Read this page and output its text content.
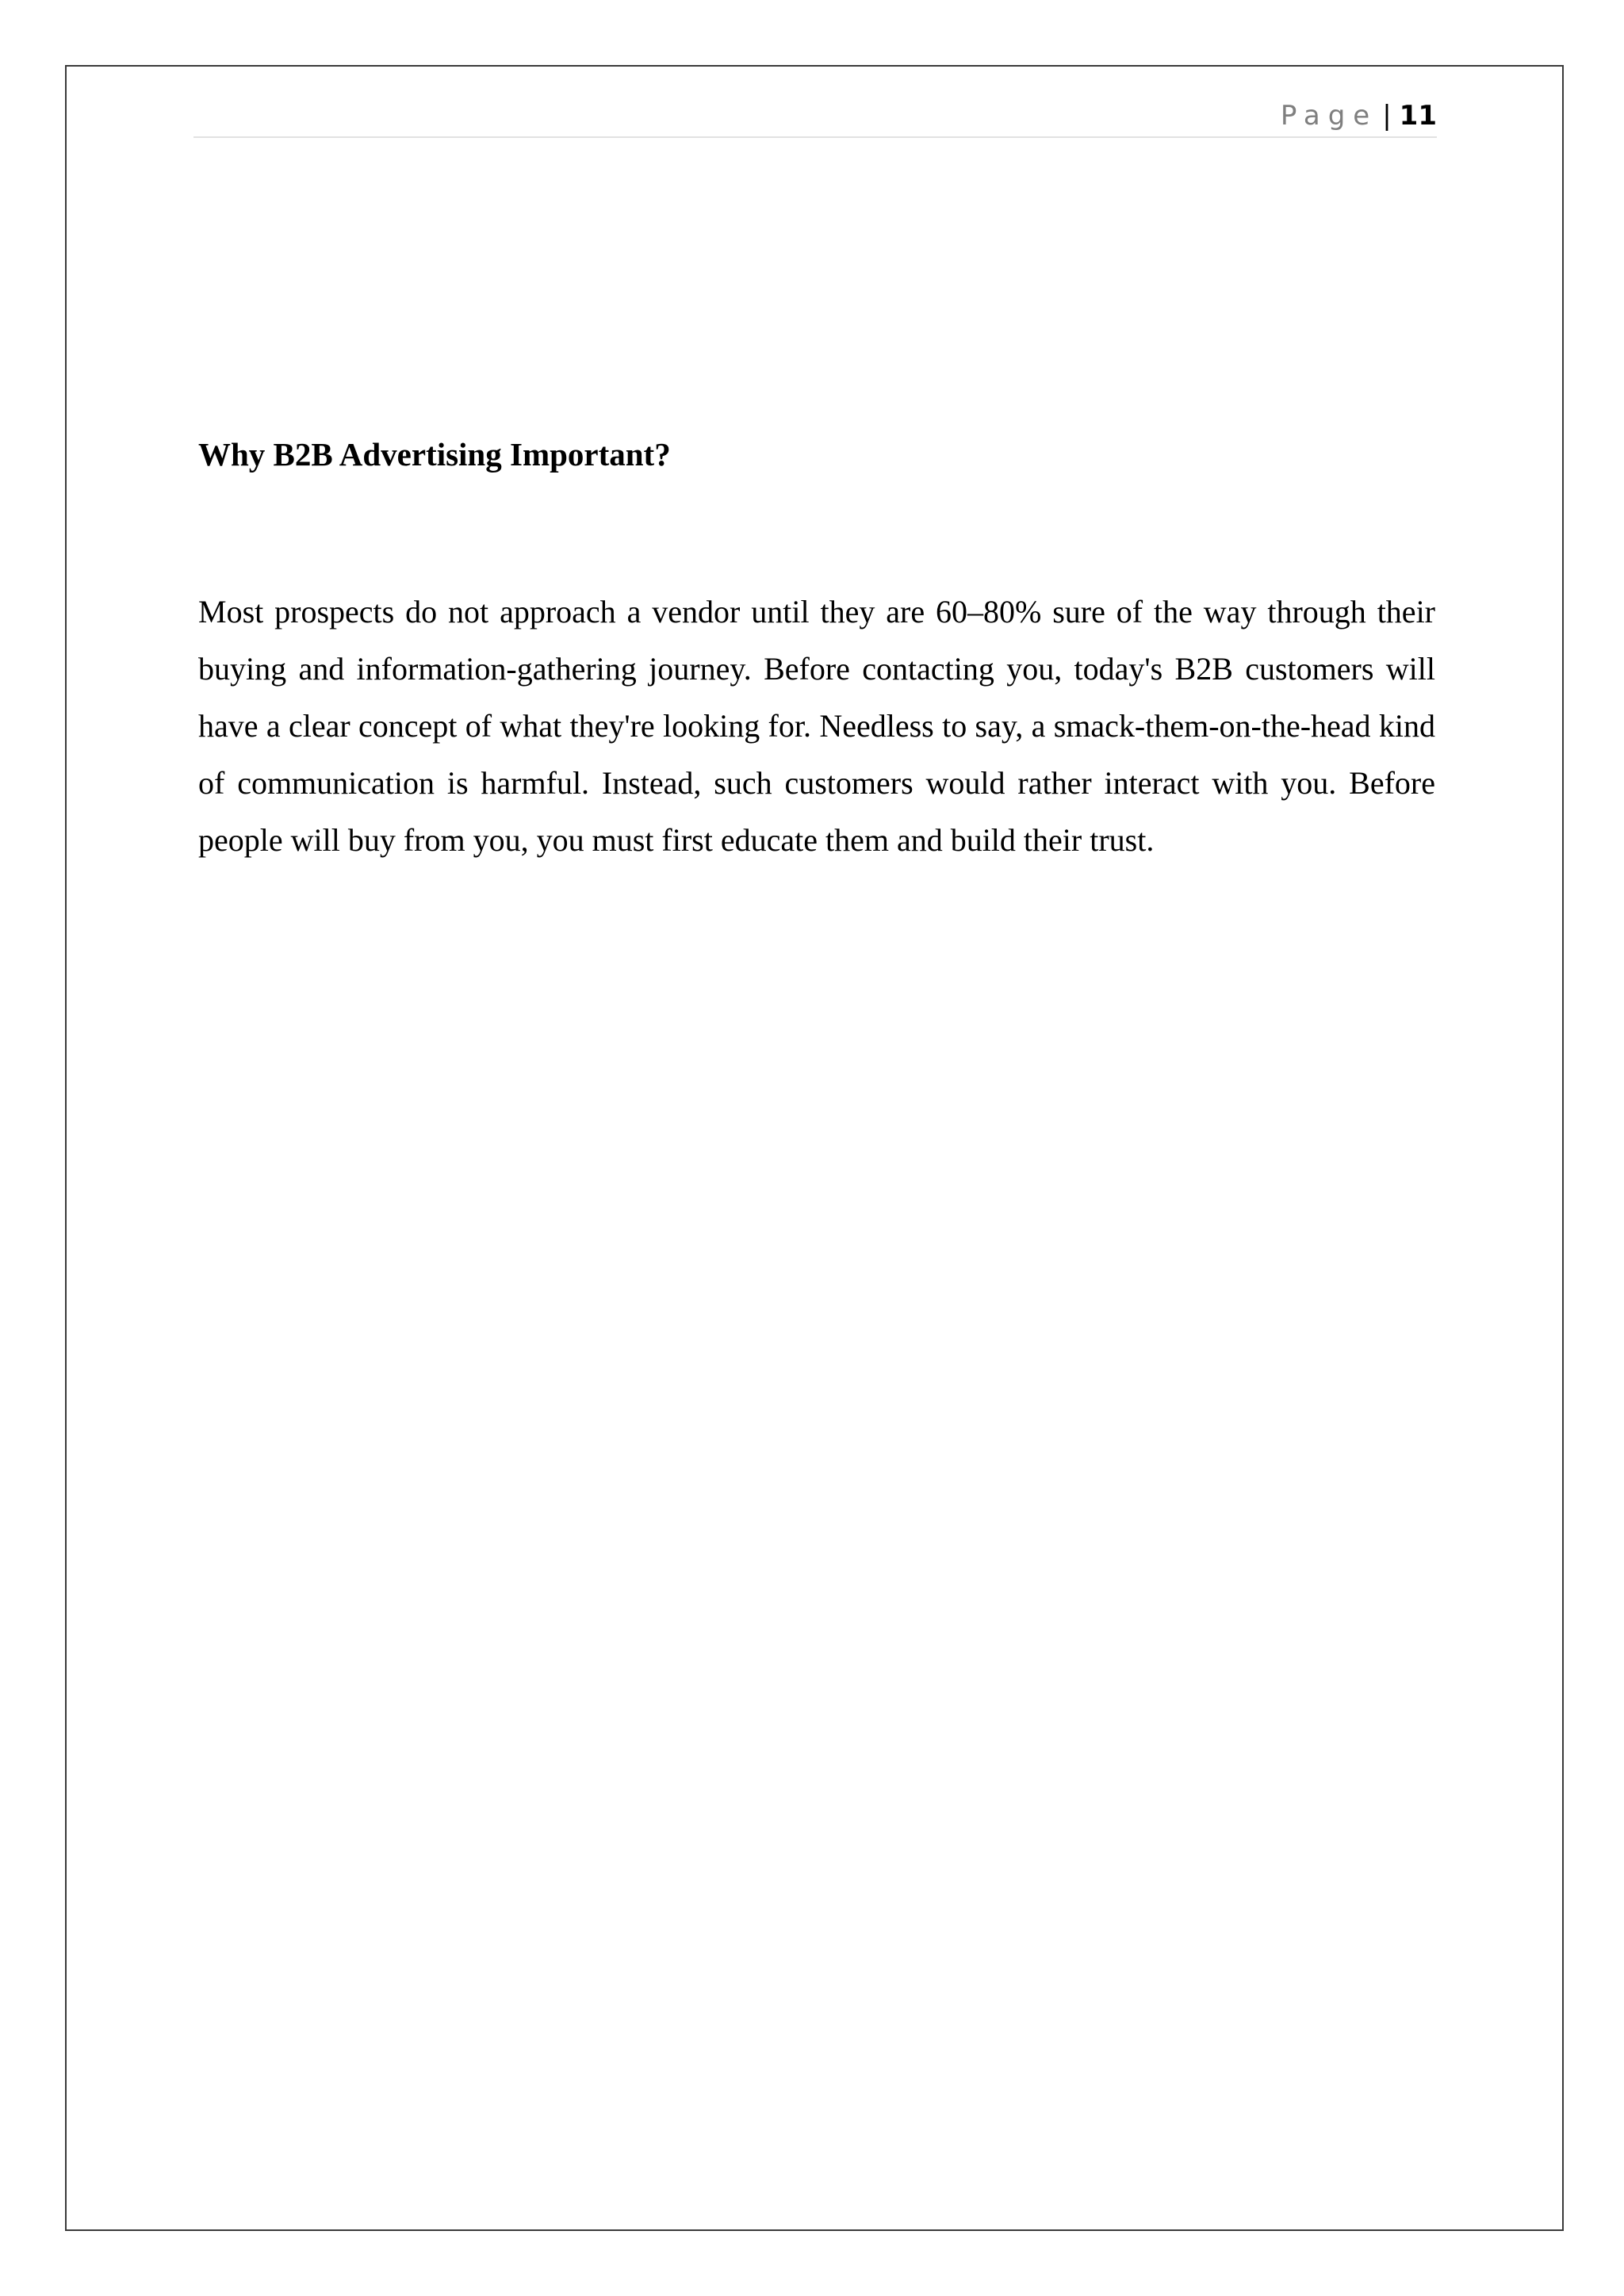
Page | 11
Why B2B Advertising Important?

Most prospects do not approach a vendor until they are 60–80% sure of the way through their buying and information-gathering journey. Before contacting you, today's B2B customers will have a clear concept of what they're looking for. Needless to say, a smack-them-on-the-head kind of communication is harmful. Instead, such customers would rather interact with you. Before people will buy from you, you must first educate them and build their trust.
